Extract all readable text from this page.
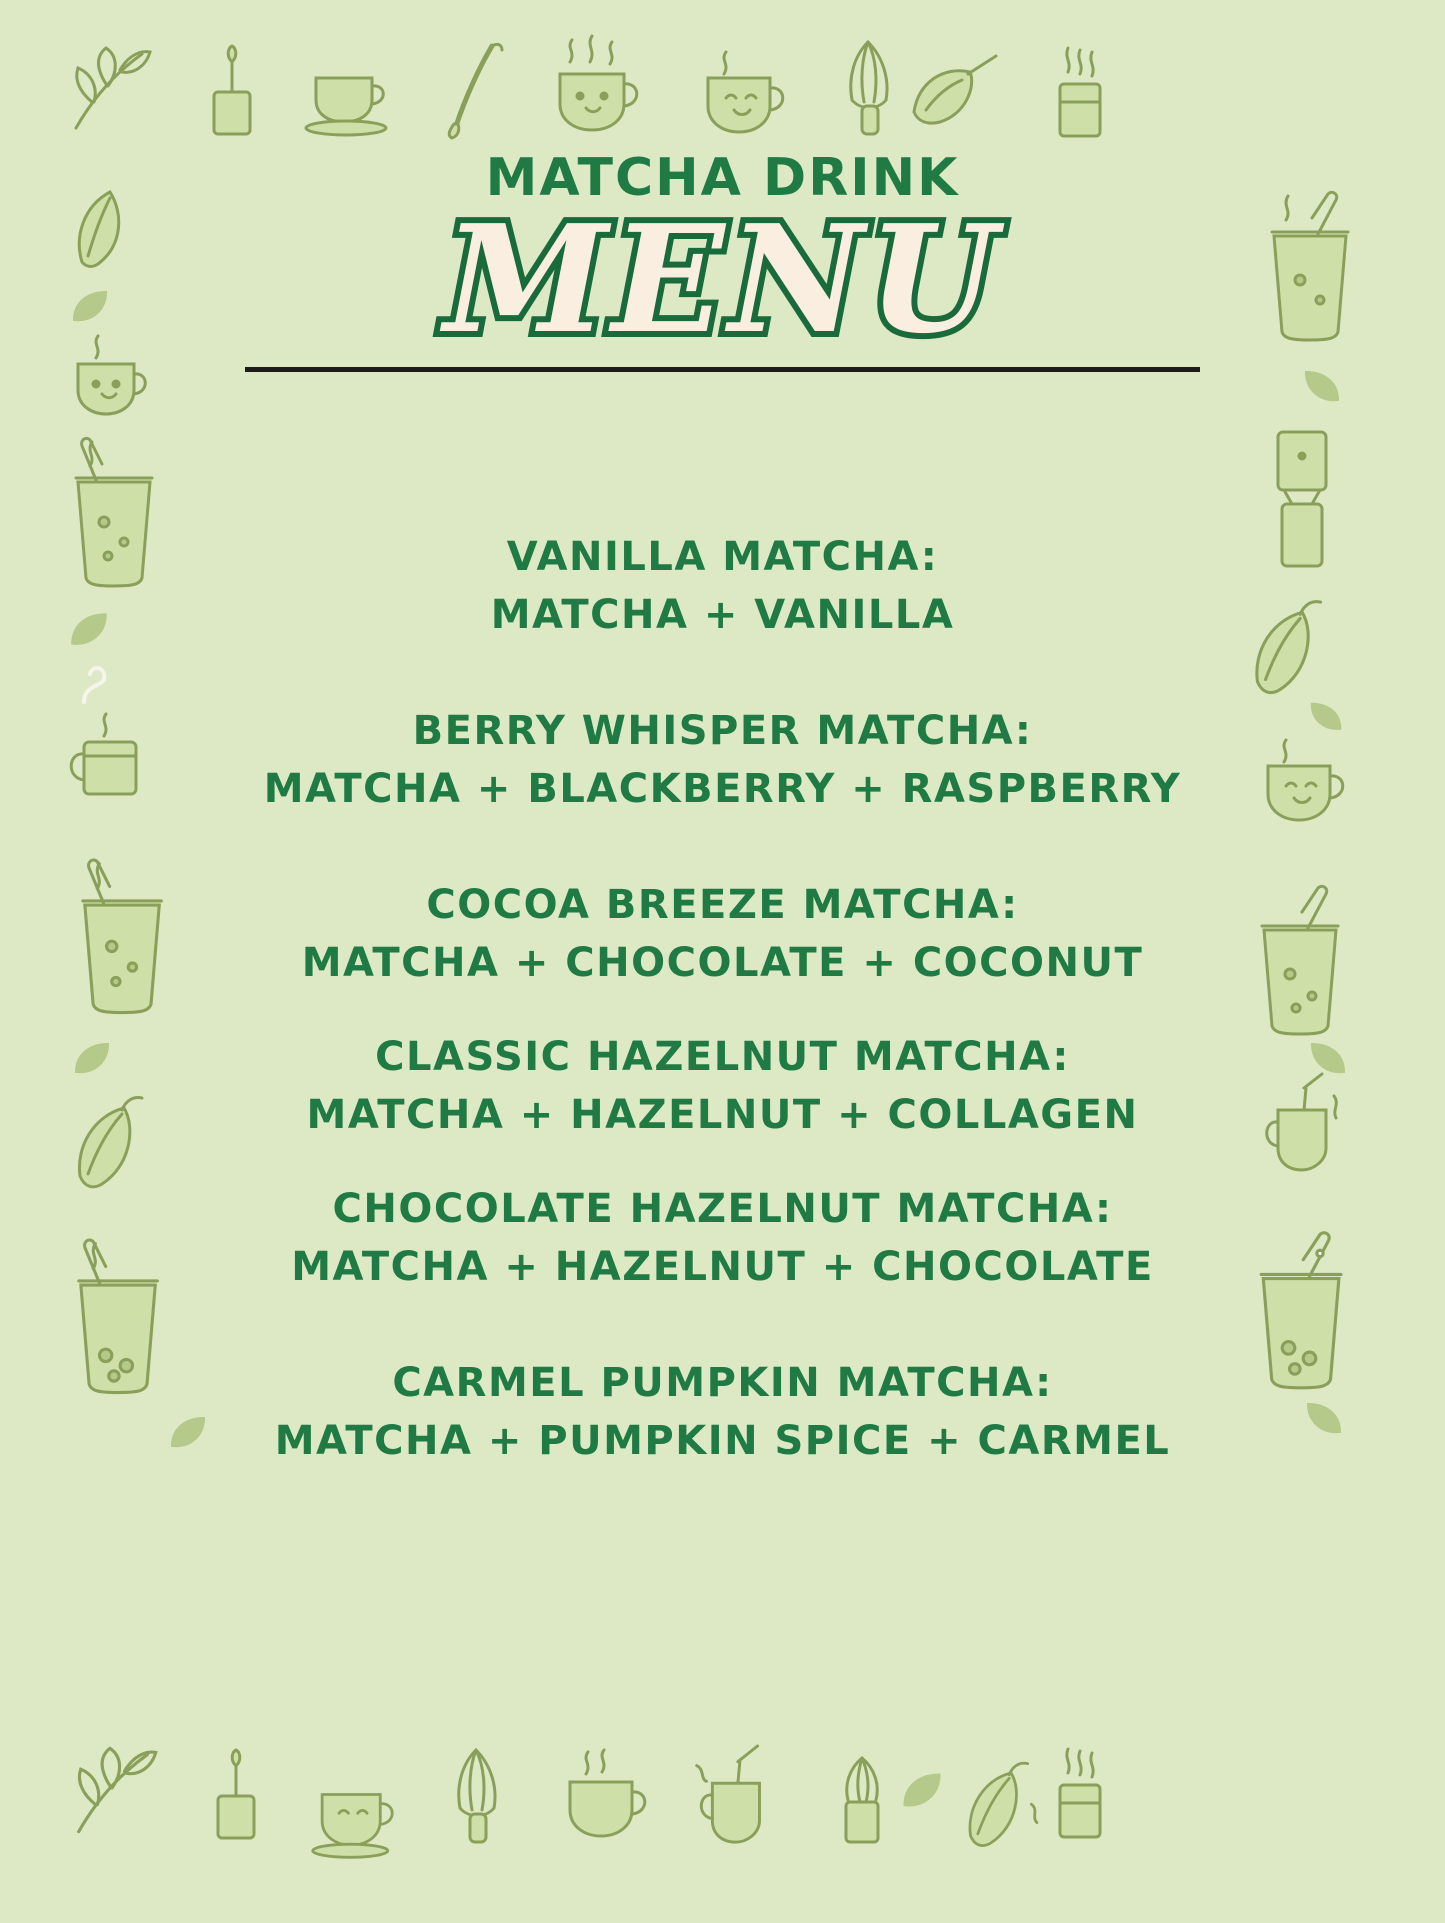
MATCHA DRINK
MENU
VANILLA MATCHA:
MATCHA + VANILLA
BERRY WHISPER MATCHA:
MATCHA + BLACKBERRY + RASPBERRY
COCOA BREEZE MATCHA:
MATCHA + CHOCOLATE + COCONUT
CLASSIC HAZELNUT MATCHA:
MATCHA + HAZELNUT + COLLAGEN
CHOCOLATE HAZELNUT MATCHA:
MATCHA + HAZELNUT + CHOCOLATE
CARMEL PUMPKIN MATCHA:
MATCHA + PUMPKIN SPICE + CARMEL
